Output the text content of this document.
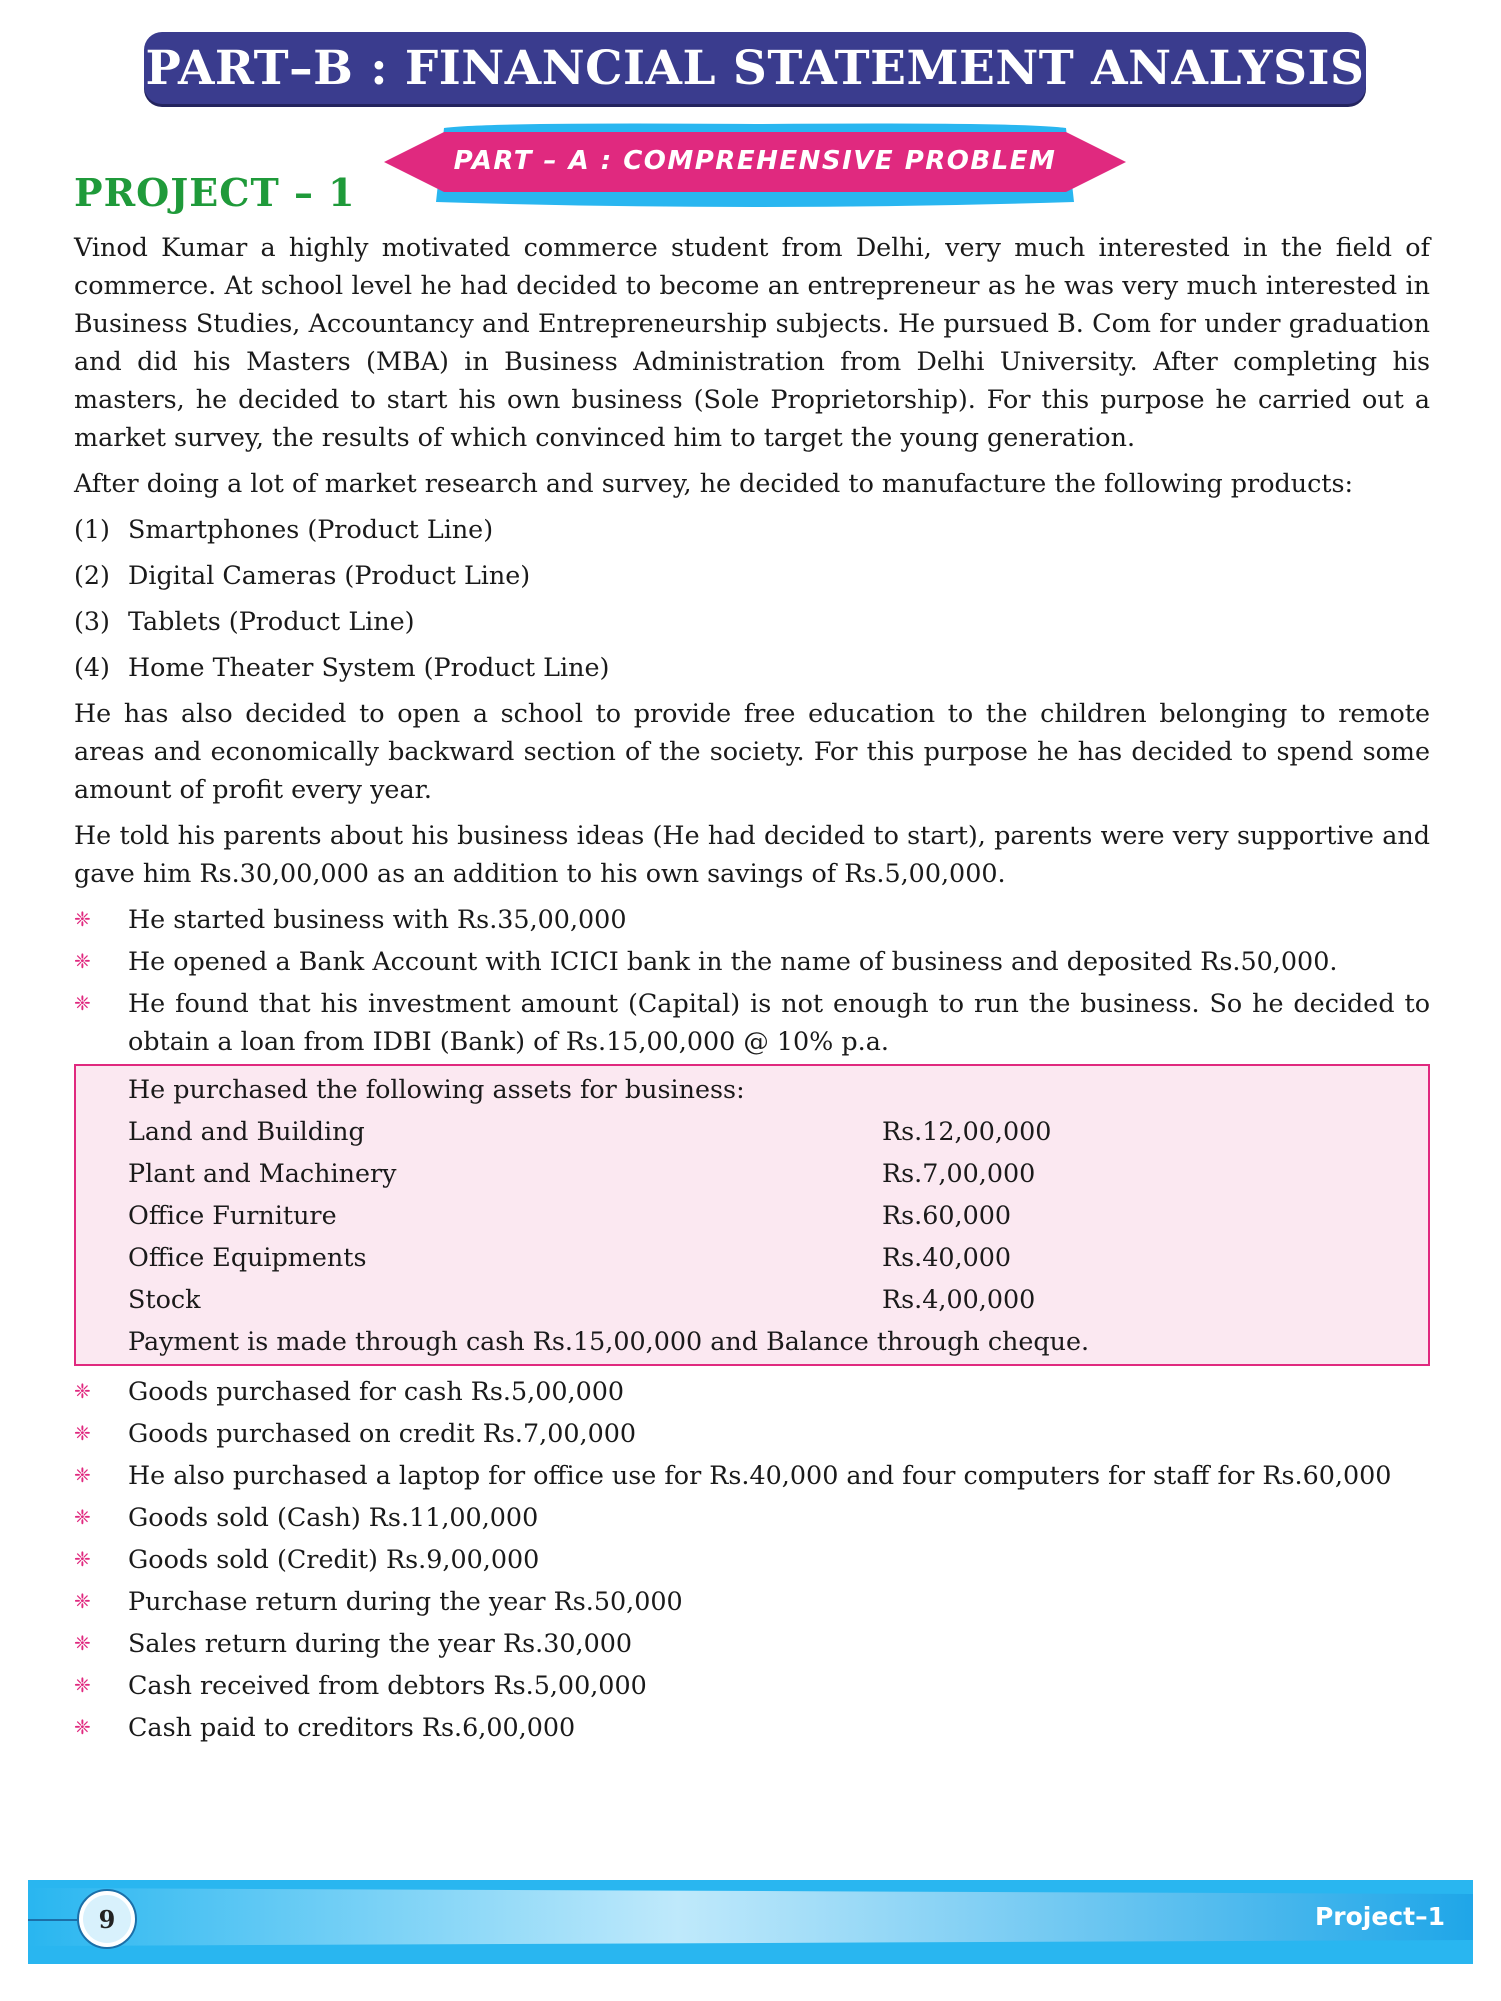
PART–B : FINANCIAL STATEMENT ANALYSIS
PART – A : COMPREHENSIVE PROBLEM
PROJECT – 1

Vinod Kumar a highly motivated commerce student from Delhi, very much interested in the field of commerce. At school level he had decided to become an entrepreneur as he was very much interested in Business Studies, Accountancy and Entrepreneurship subjects. He pursued B. Com for under graduation and did his Masters (MBA) in Business Administration from Delhi University. After completing his masters, he decided to start his own business (Sole Proprietorship). For this purpose he carried out a market survey, the results of which convinced him to target the young generation.

After doing a lot of market research and survey, he decided to manufacture the following products:

(1) Smartphones (Product Line)
(2) Digital Cameras (Product Line)
(3) Tablets (Product Line)
(4) Home Theater System (Product Line)

He has also decided to open a school to provide free education to the children belonging to remote areas and economically backward section of the society. For this purpose he has decided to spend some amount of profit every year.

He told his parents about his business ideas (He had decided to start), parents were very supportive and gave him Rs.30,00,000 as an addition to his own savings of Rs.5,00,000.

❈	He started business with Rs.35,00,000
❈	He opened a Bank Account with ICICI bank in the name of business and deposited Rs.50,000.
❈	He found that his investment amount (Capital) is not enough to run the business. So he decided to obtain a loan from IDBI (Bank) of Rs.15,00,000 @ 10% p.a.
He purchased the following assets for business:
Land and Building	Rs.12,00,000
Plant and Machinery	Rs.7,00,000
Office Furniture	Rs.60,000
Office Equipments	Rs.40,000
Stock	Rs.4,00,000
Payment is made through cash Rs.15,00,000 and Balance through cheque.
❈	Goods purchased for cash Rs.5,00,000
❈	Goods purchased on credit Rs.7,00,000
❈	He also purchased a laptop for office use for Rs.40,000 and four computers for staff for Rs.60,000
❈	Goods sold (Cash) Rs.11,00,000
❈	Goods sold (Credit) Rs.9,00,000
❈	Purchase return during the year Rs.50,000
❈	Sales return during the year Rs.30,000
❈	Cash received from debtors Rs.5,00,000
❈	Cash paid to creditors Rs.6,00,000
9	Project–1
